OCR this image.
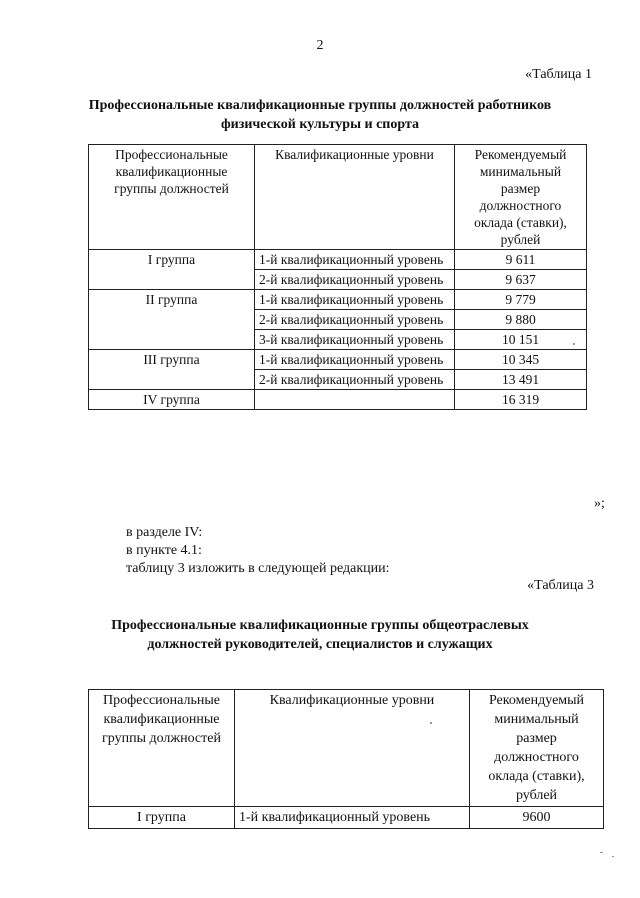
2
«Таблица 1
Профессиональные квалификационные группы должностей работников
физической культуры и спорта
Профессиональные квалификационные группы должностей	Квалификационные уровни	Рекомендуемый минимальный размер должностного оклада (ставки), рублей
I группа	1-й квалификационный уровень	9 611
	2-й квалификационный уровень	9 637
II группа	1-й квалификационный уровень	9 779
	2-й квалификационный уровень	9 880
	3-й квалификационный уровень	10 151
III группа	1-й квалификационный уровень	10 345
	2-й квалификационный уровень	13 491
IV группа		16 319
»;
в разделе IV:
в пункте 4.1:
таблицу 3 изложить в следующей редакции:
«Таблица 3
Профессиональные квалификационные группы общеотраслевых
должностей руководителей, специалистов и служащих
Профессиональные квалификационные группы должностей	Квалификационные уровни	Рекомендуемый минимальный размер должностного оклада (ставки), рублей
I группа	1-й квалификационный уровень	9600
